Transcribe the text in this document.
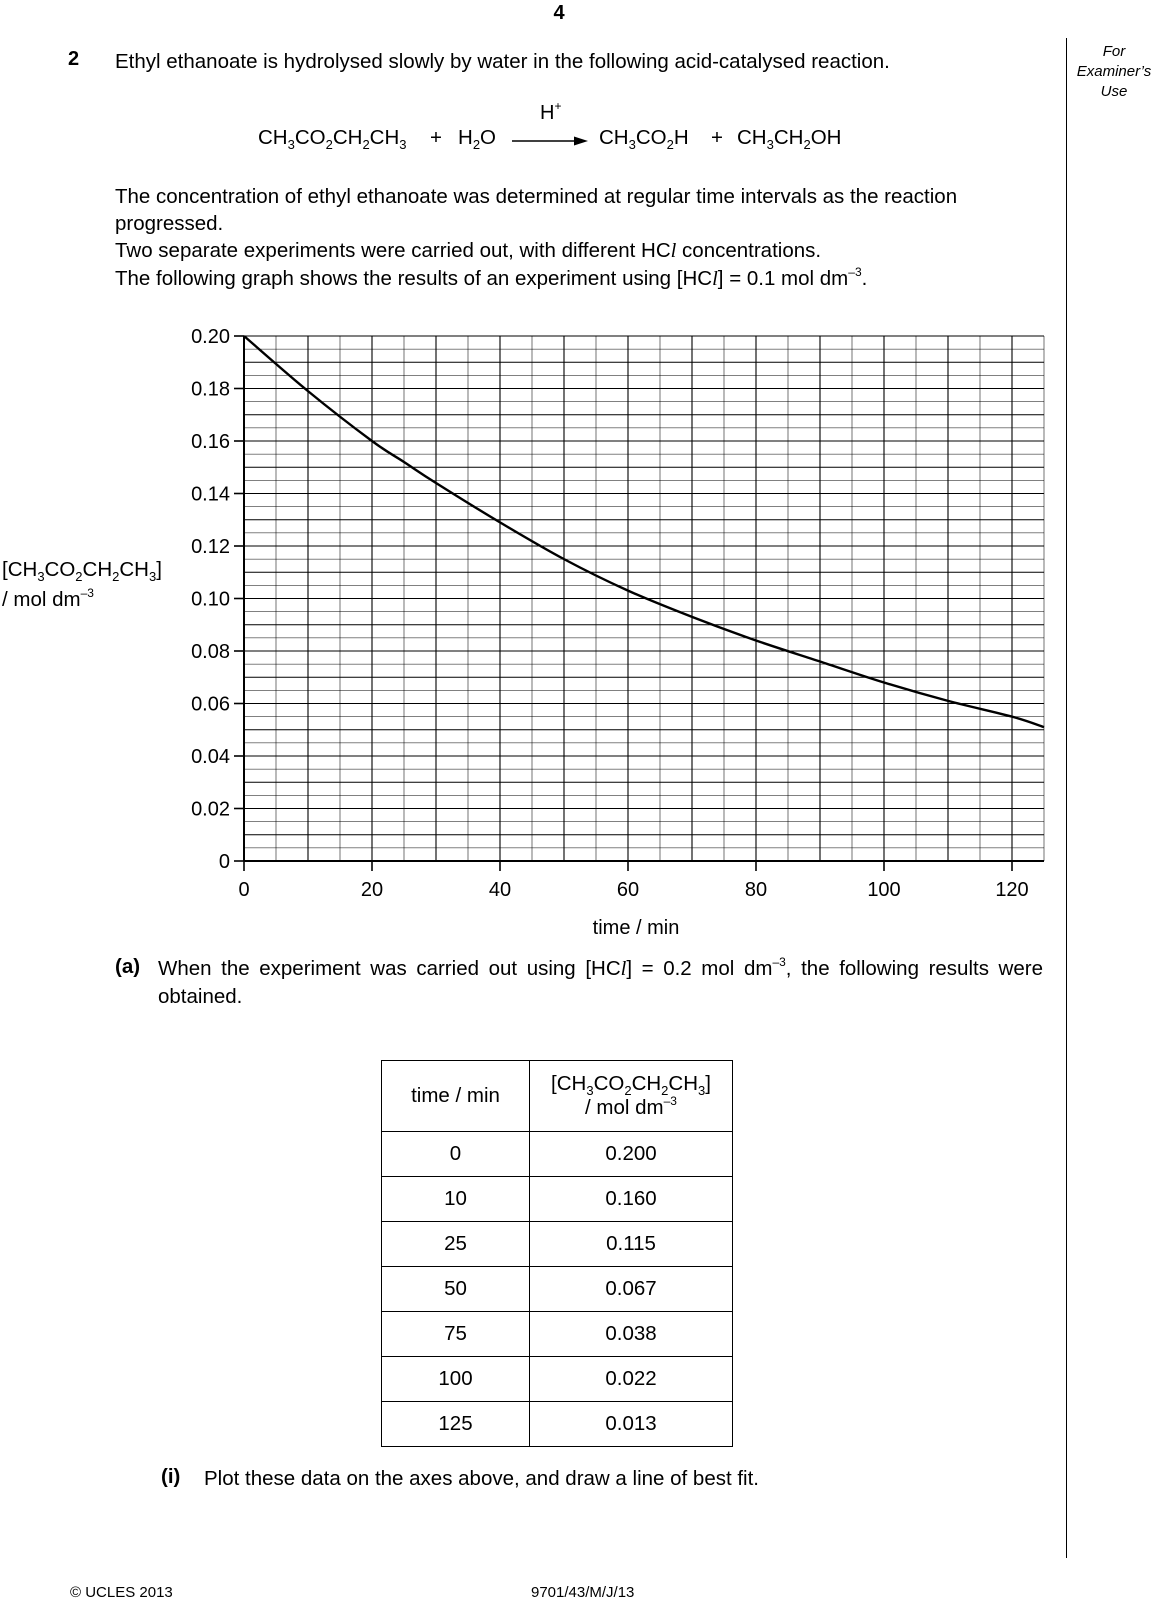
4
For
Examiner’s
Use
2 Ethyl ethanoate is hydrolysed slowly by water in the following acid-catalysed reaction.
$CH_3CO_2CH_2CH_3 + H_2O$
H+
$CH_3CO_2H + CH_3CH_2OH$
The concentration of ethyl ethanoate was determined at regular time intervals as the reaction progressed.
Two separate experiments were carried out, with different HCl concentrations.
The following graph shows the results of an experiment using [HCl] = 0.1 mol $dm^{-3}$.
0
0.02
0.04
0.06
0.08
0.10
0.12
0.14
0.16
0.18
0.20
0	20	40	60	80	100	120
time / min
$[CH_3CO_2CH_2CH_3]$
/ mol $dm^{-3}$
(a) When the experiment was carried out using [HCl] = 0.2 mol $dm^{-3}$, the following results were obtained.
time / min	$[CH_3CO_2CH_2CH_3]$
/ mol $dm^{-3}$

0	0.200
10	0.160
25	0.115
50	0.067
75	0.038
100	0.022
125	0.013
(i) Plot these data on the axes above, and draw a line of best fit.
© UCLES 2013	9701/43/M/J/13
